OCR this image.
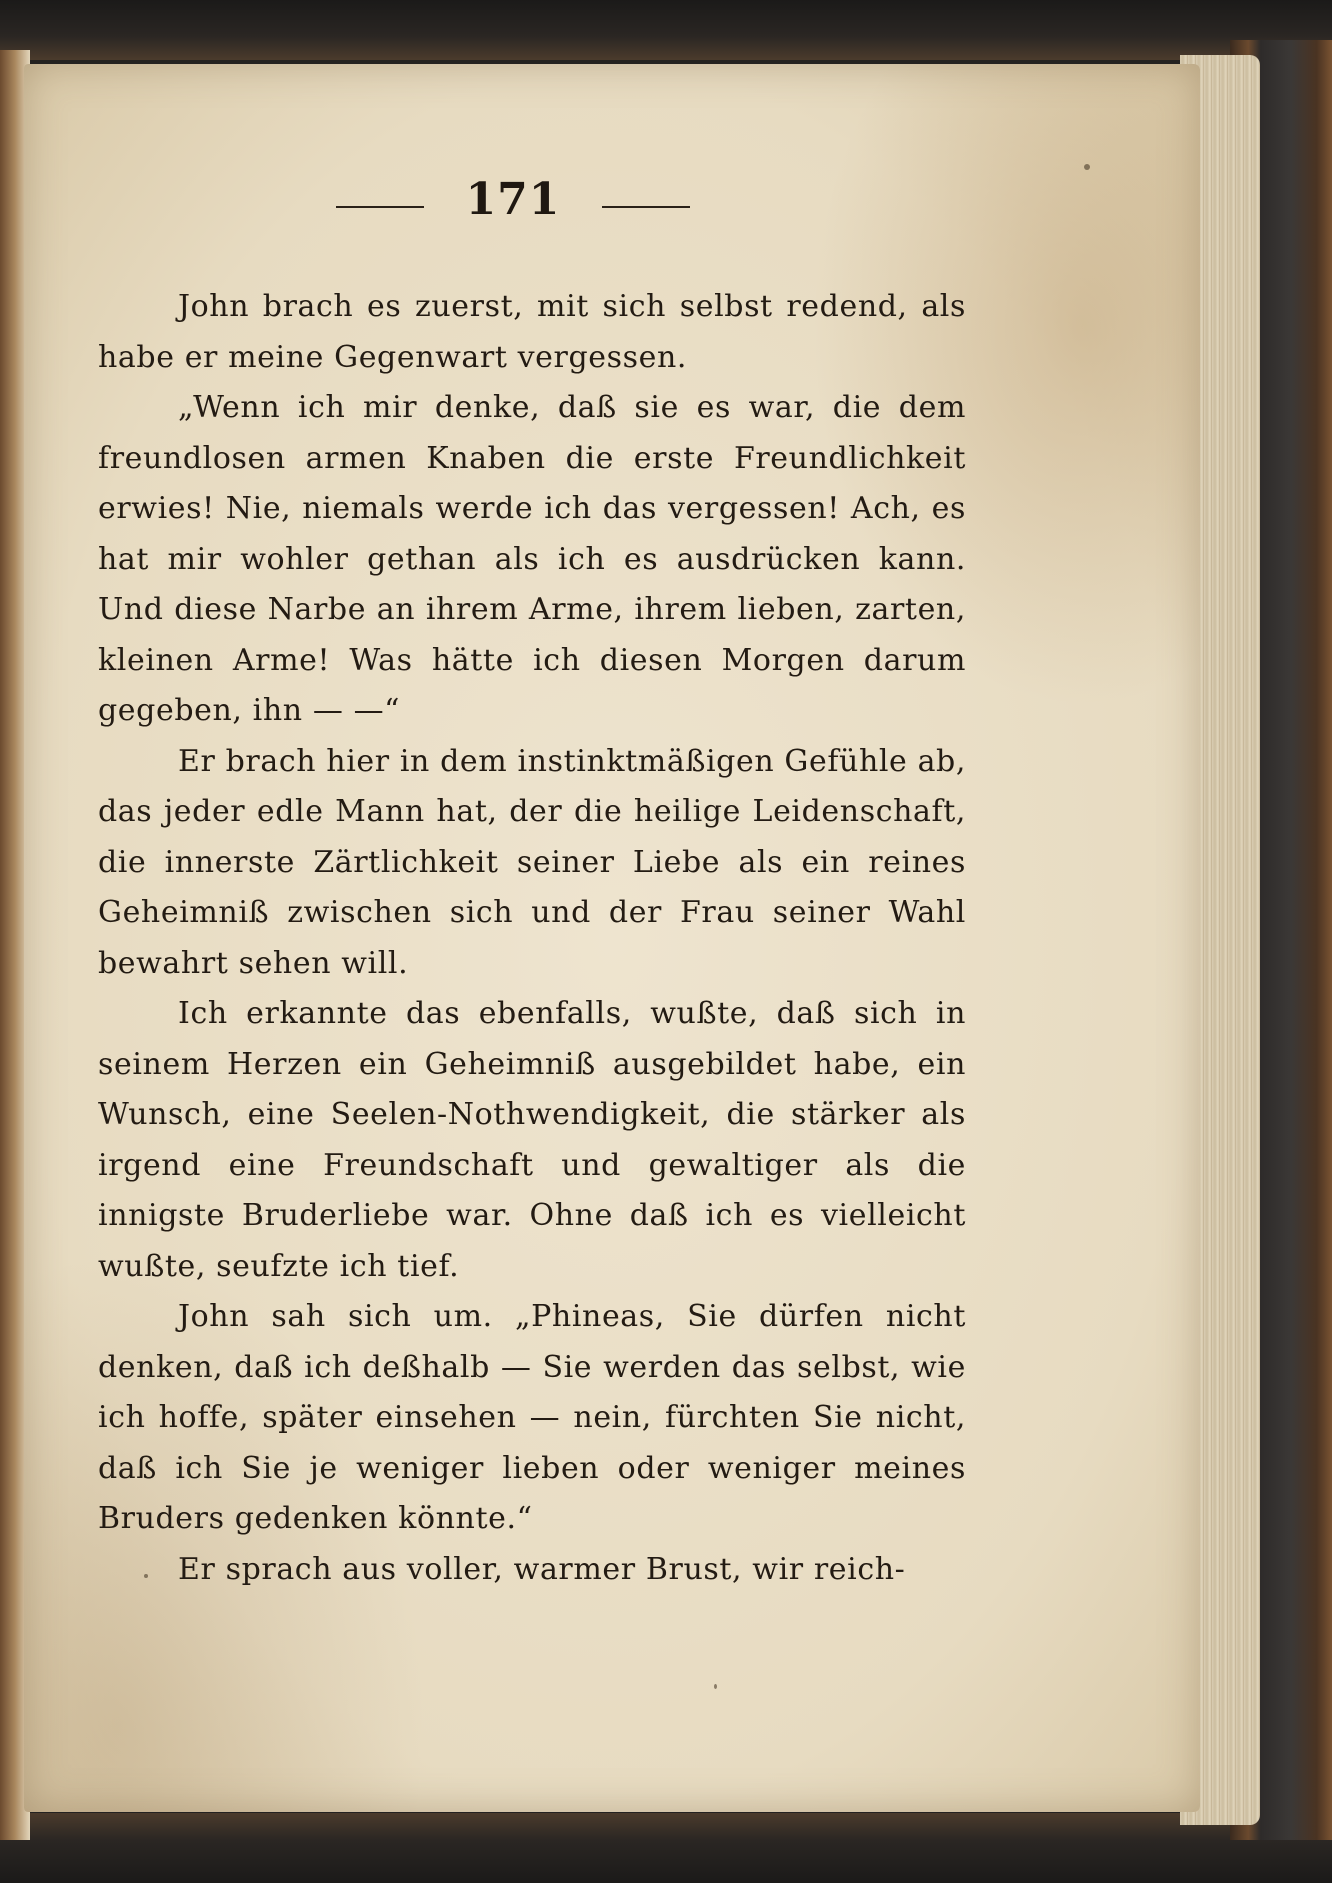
171

John brach es zuerst, mit sich selbst redend, als habe er meine Gegenwart vergessen.

„Wenn ich mir denke, daß sie es war, die dem freundlosen armen Knaben die erste Freundlichkeit erwies! Nie, niemals werde ich das vergessen! Ach, es hat mir wohler gethan als ich es ausdrücken kann. Und diese Narbe an ihrem Arme, ihrem lieben, zarten, kleinen Arme! Was hätte ich diesen Morgen darum gegeben, ihn — —“

Er brach hier in dem instinktmäßigen Gefühle ab, das jeder edle Mann hat, der die heilige Leidenschaft, die innerste Zärtlichkeit seiner Liebe als ein reines Geheimniß zwischen sich und der Frau seiner Wahl bewahrt sehen will.

Ich erkannte das ebenfalls, wußte, daß sich in seinem Herzen ein Geheimniß ausgebildet habe, ein Wunsch, eine Seelen-Nothwendigkeit, die stärker als irgend eine Freundschaft und gewaltiger als die innigste Bruderliebe war. Ohne daß ich es vielleicht wußte, seufzte ich tief.

John sah sich um. „Phineas, Sie dürfen nicht denken, daß ich deßhalb — Sie werden das selbst, wie ich hoffe, später einsehen — nein, fürchten Sie nicht, daß ich Sie je weniger lieben oder weniger meines Bruders gedenken könnte.“

Er sprach aus voller, warmer Brust, wir reich-
